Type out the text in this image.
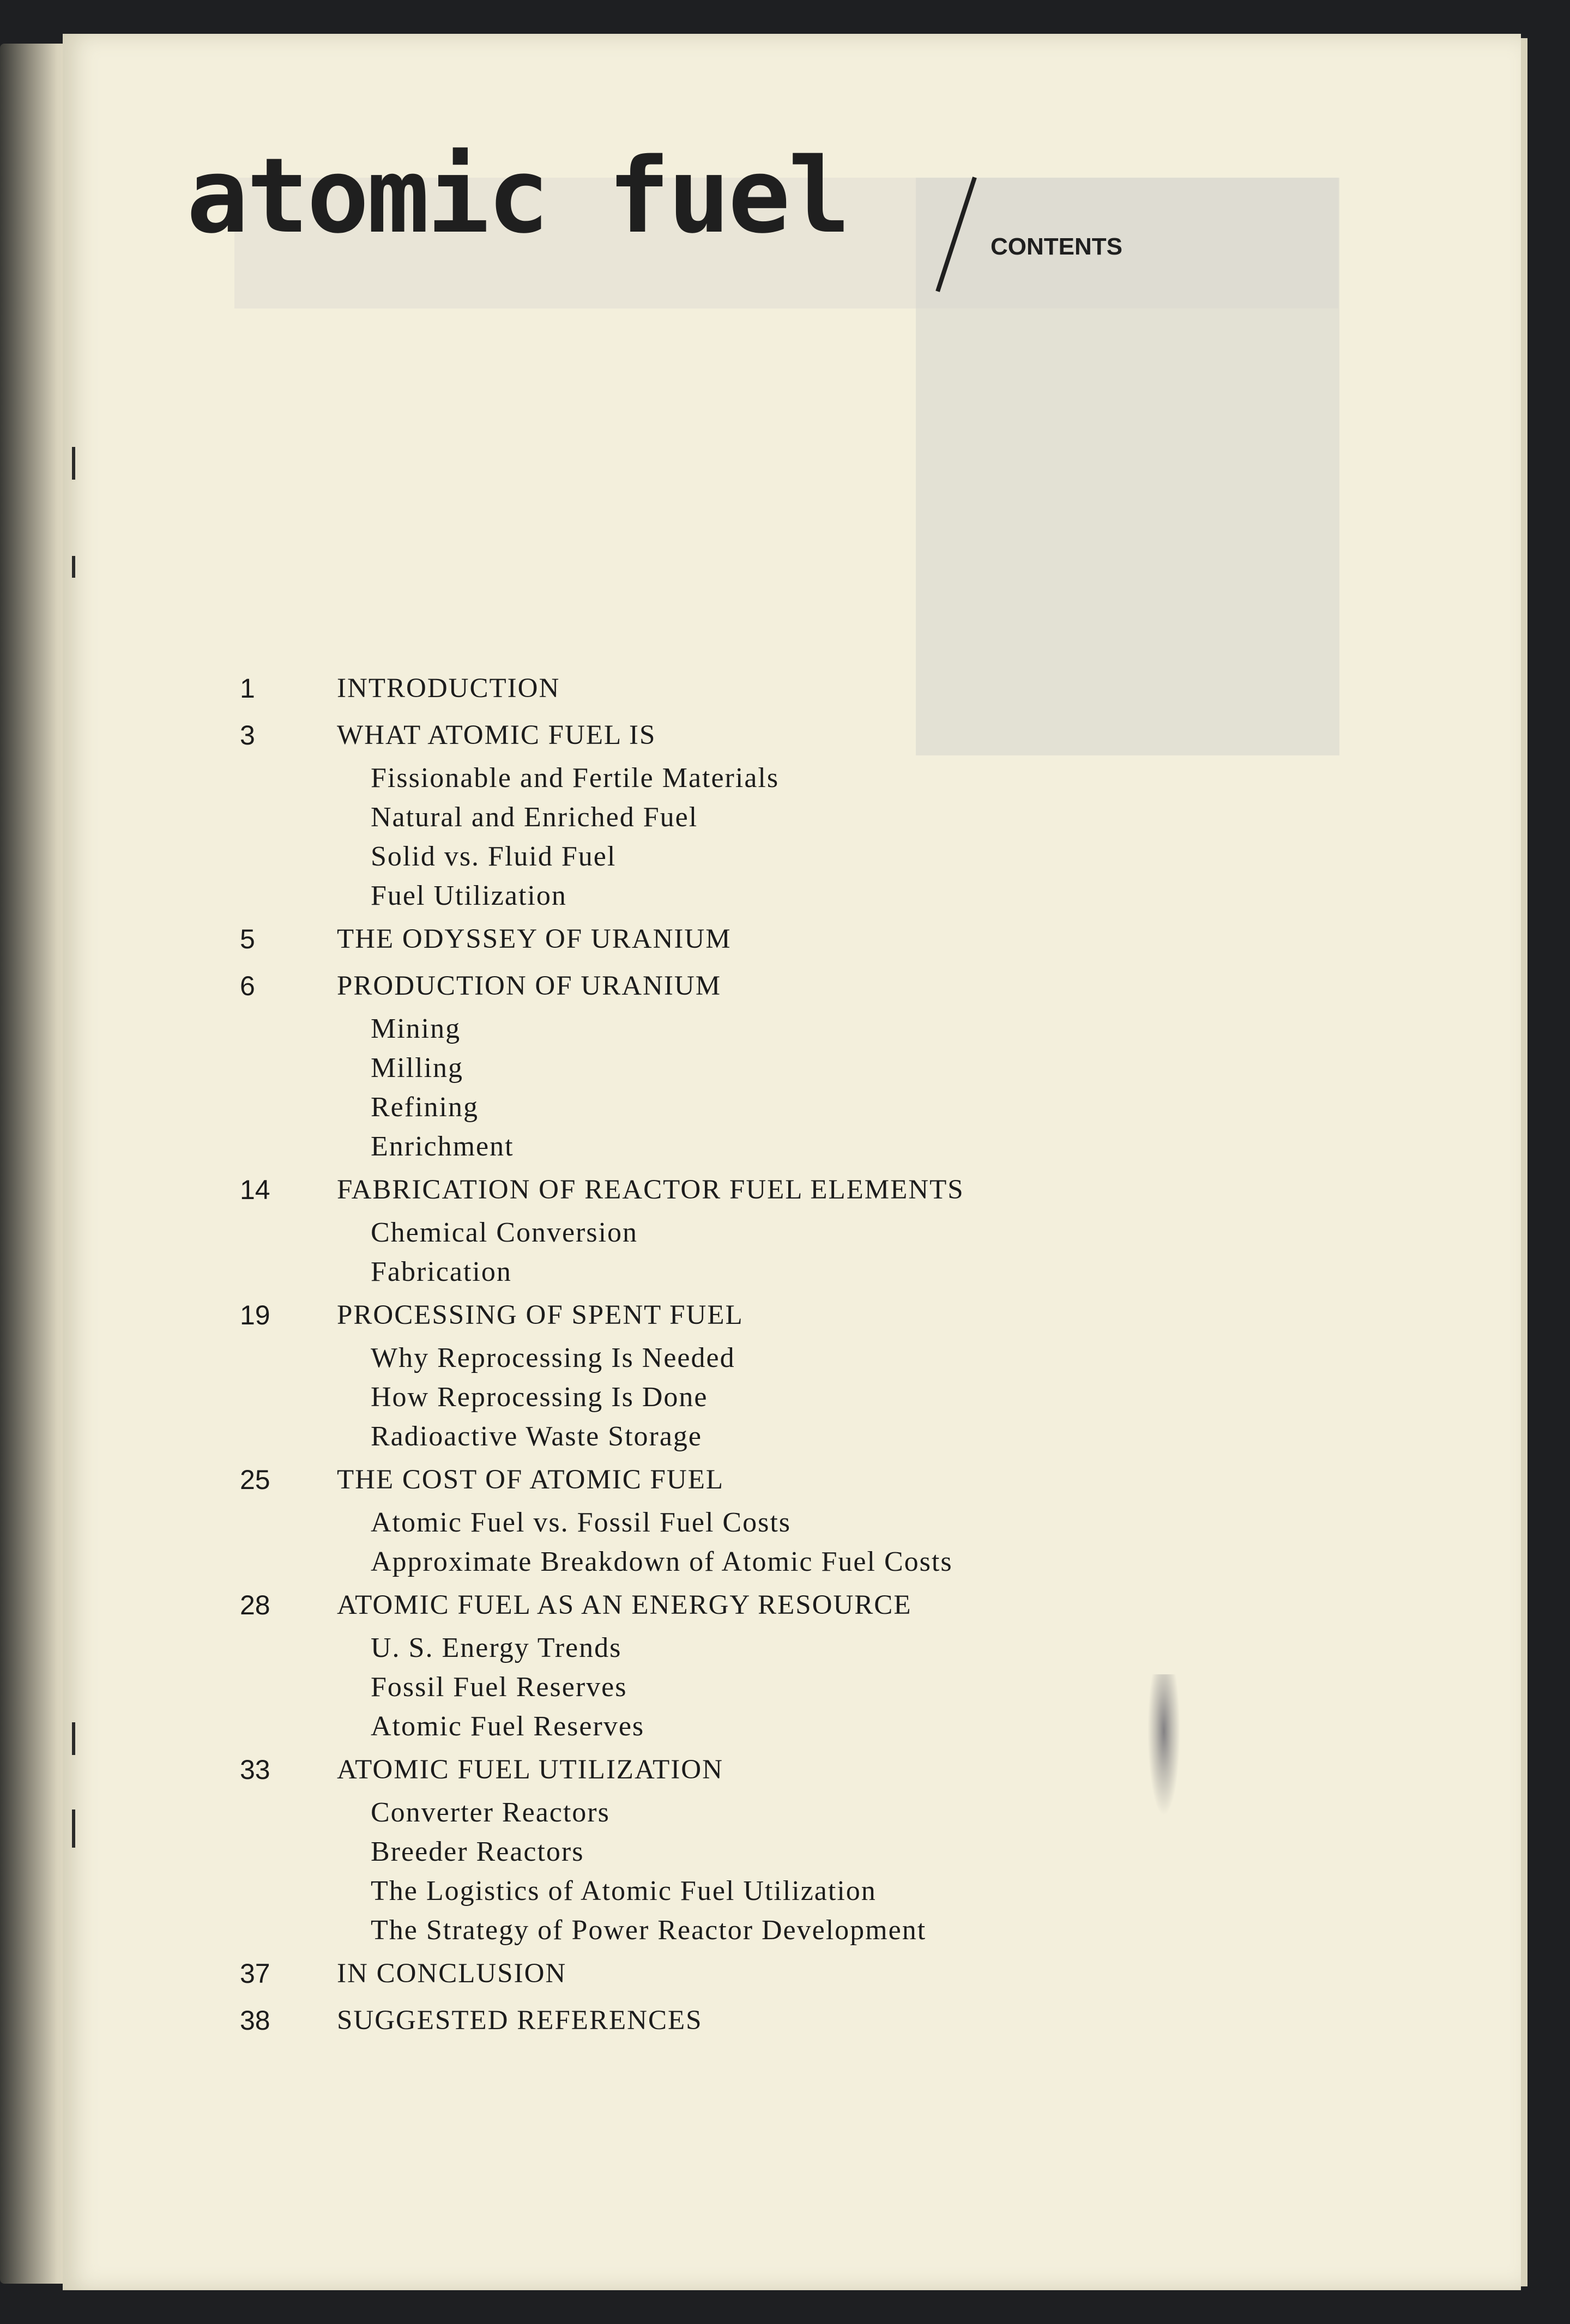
atomic fuel	CONTENTS
1	INTRODUCTION
3	WHAT ATOMIC FUEL IS
Fissionable and Fertile Materials
Natural and Enriched Fuel
Solid vs. Fluid Fuel
Fuel Utilization
5	THE ODYSSEY OF URANIUM
6	PRODUCTION OF URANIUM
Mining
Milling
Refining
Enrichment
14 FABRICATION OF REACTOR FUEL ELEMENTS
Chemical Conversion
Fabrication
19 PROCESSING OF SPENT FUEL
Why Reprocessing Is Needed
How Reprocessing Is Done
Radioactive Waste Storage
25 THE COST OF ATOMIC FUEL
Atomic Fuel vs. Fossil Fuel Costs
Approximate Breakdown of Atomic Fuel Costs
28 ATOMIC FUEL AS AN ENERGY RESOURCE
U. S. Energy Trends
Fossil Fuel Reserves
Atomic Fuel Reserves
33 ATOMIC FUEL UTILIZATION
Converter Reactors
Breeder Reactors
The Logistics of Atomic Fuel Utilization
The Strategy of Power Reactor Development
37 IN CONCLUSION
38 SUGGESTED REFERENCES
